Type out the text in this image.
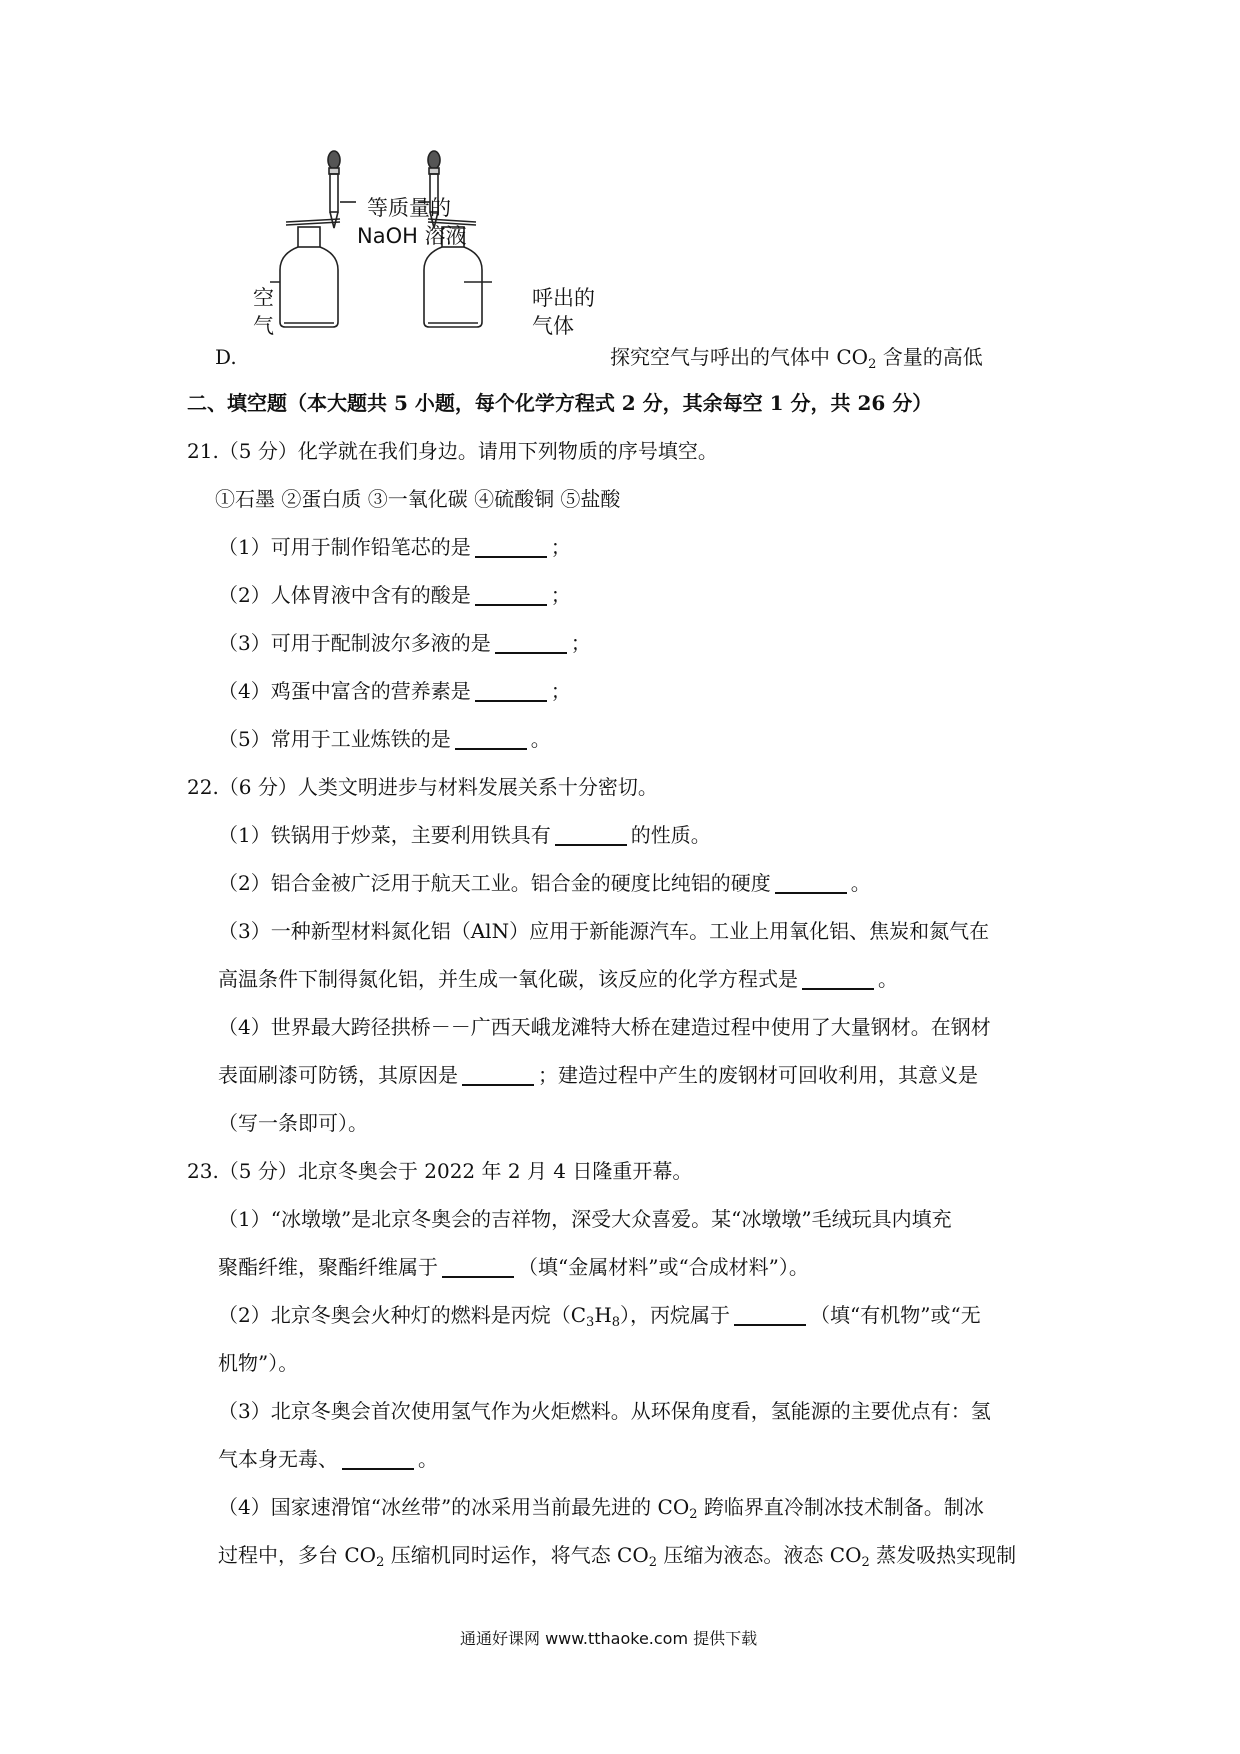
等质量的
NaOH 溶液
空
气
呼出的
气体
D.	探究空气与呼出的气体中 $CO_2$ 含量的高低
二、填空题（本大题共 5 小题，每个化学方程式 2 分，其余每空 1 分，共 26 分）
21.（5 分）化学就在我们身边。请用下列物质的序号填空。
①石墨 ②蛋白质 ③一氧化碳 ④硫酸铜 ⑤盐酸
（1）可用于制作铅笔芯的是	；
（2）人体胃液中含有的酸是	；
（3）可用于配制波尔多液的是	；
（4）鸡蛋中富含的营养素是	；
（5）常用于工业炼铁的是	。
22.（6 分）人类文明进步与材料发展关系十分密切。
（1）铁锅用于炒菜，主要利用铁具有	的性质。
（2）铝合金被广泛用于航天工业。铝合金的硬度比纯铝的硬度	。
（3）一种新型材料氮化铝（AlN）应用于新能源汽车。工业上用氧化铝、焦炭和氮气在
高温条件下制得氮化铝，并生成一氧化碳，该反应的化学方程式是	。
（4）世界最大跨径拱桥－－广西天峨龙滩特大桥在建造过程中使用了大量钢材。在钢材
表面刷漆可防锈，其原因是	；建造过程中产生的废钢材可回收利用，其意义是
（写一条即可）。
23.（5 分）北京冬奥会于 2022 年 2 月 4 日隆重开幕。
（1）“冰墩墩”是北京冬奥会的吉祥物，深受大众喜爱。某“冰墩墩”毛绒玩具内填充
聚酯纤维，聚酯纤维属于	（填“金属材料”或“合成材料”）。
（2）北京冬奥会火种灯的燃料是丙烷$(C_3H_8)$，丙烷属于	（填“有机物”或“无
机物”）。
（3）北京冬奥会首次使用氢气作为火炬燃料。从环保角度看，氢能源的主要优点有：氢
气本身无毒、	。
（4）国家速滑馆“冰丝带”的冰采用当前最先进的 $CO_2$ 跨临界直冷制冰技术制备。制冰
过程中，多台 $CO_2$ 压缩机同时运作，将气态 $CO_2$ 压缩为液态。液态 $CO_2$ 蒸发吸热实现制
通通好课网 www.tthaoke.com 提供下载
